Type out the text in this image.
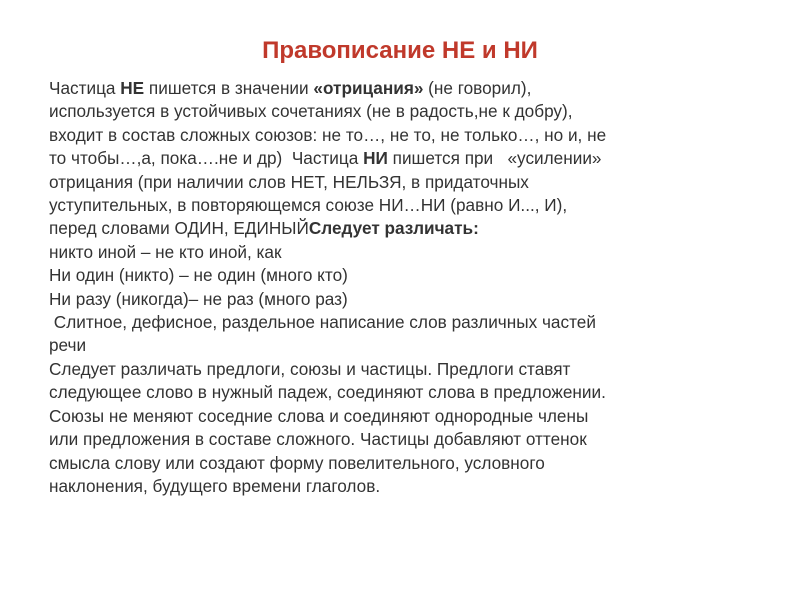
Правописание НЕ и НИ
Частица НЕ пишется в значении «отрицания» (не говорил),
используется в устойчивых сочетаниях (не в радость,не к добру),
входит в состав сложных союзов: не то…, не то, не только…, но и, не
то чтобы…,а, пока….не и др)  Частица НИ пишется при   «усилении»
отрицания (при наличии слов НЕТ, НЕЛЬЗЯ, в придаточных
уступительных, в повторяющемся союзе НИ…НИ (равно И..., И),
перед словами ОДИН, ЕДИНЫЙСледует различать:
никто иной – не кто иной, как
Ни один (никто) – не один (много кто)
Ни разу (никогда)– не раз (много раз)
Слитное, дефисное, раздельное написание слов различных частей
речи
Следует различать предлоги, союзы и частицы. Предлоги ставят
следующее слово в нужный падеж, соединяют слова в предложении.
Союзы не меняют соседние слова и соединяют однородные члены
или предложения в составе сложного. Частицы добавляют оттенок
смысла слову или создают форму повелительного, условного
наклонения, будущего времени глаголов.
